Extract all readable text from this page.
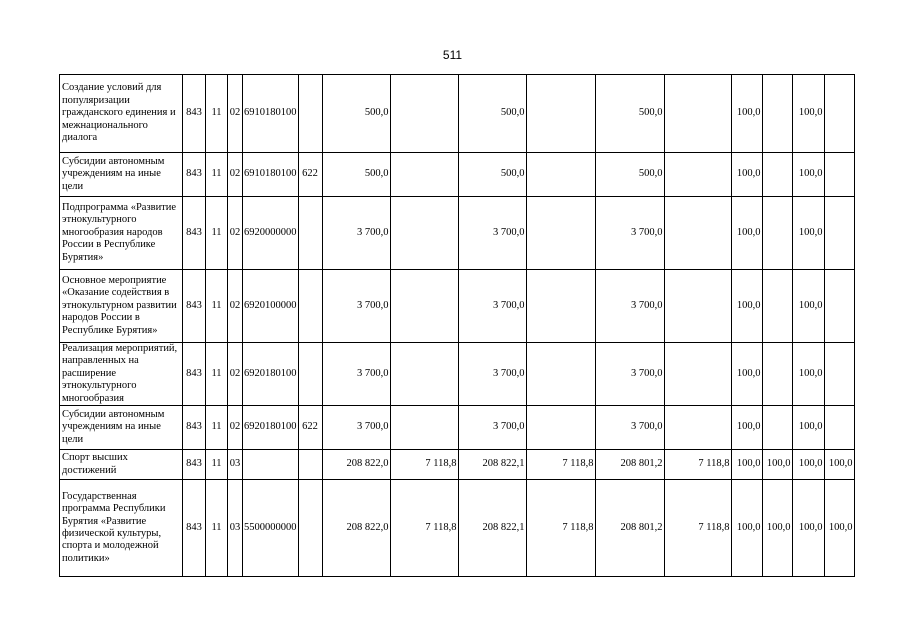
511
Создание условий для популяризации гражданского единения и межнационального диалога	843	11	02	6910180100		500,0		500,0		500,0		100,0		100,0	
Субсидии автономным учреждениям на иные цели	843	11	02	6910180100	622	500,0		500,0		500,0		100,0		100,0	
Подпрограмма «Развитие этнокультурного многообразия народов России в Республике Бурятия»	843	11	02	6920000000		3 700,0		3 700,0		3 700,0		100,0		100,0	
Основное мероприятие «Оказание содействия в этнокультурном развитии народов России в Республике Бурятия»	843	11	02	6920100000		3 700,0		3 700,0		3 700,0		100,0		100,0	
Реализация мероприятий, направленных на расширение этнокультурного многообразия	843	11	02	6920180100		3 700,0		3 700,0		3 700,0		100,0		100,0	
Субсидии автономным учреждениям на иные цели	843	11	02	6920180100	622	3 700,0		3 700,0		3 700,0		100,0		100,0	
Спорт высших достижений	843	11	03			208 822,0	7 118,8	208 822,1	7 118,8	208 801,2	7 118,8	100,0	100,0	100,0	100,0
Государственная программа Республики Бурятия «Развитие физической культуры, спорта и молодежной политики»	843	11	03	5500000000		208 822,0	7 118,8	208 822,1	7 118,8	208 801,2	7 118,8	100,0	100,0	100,0	100,0
